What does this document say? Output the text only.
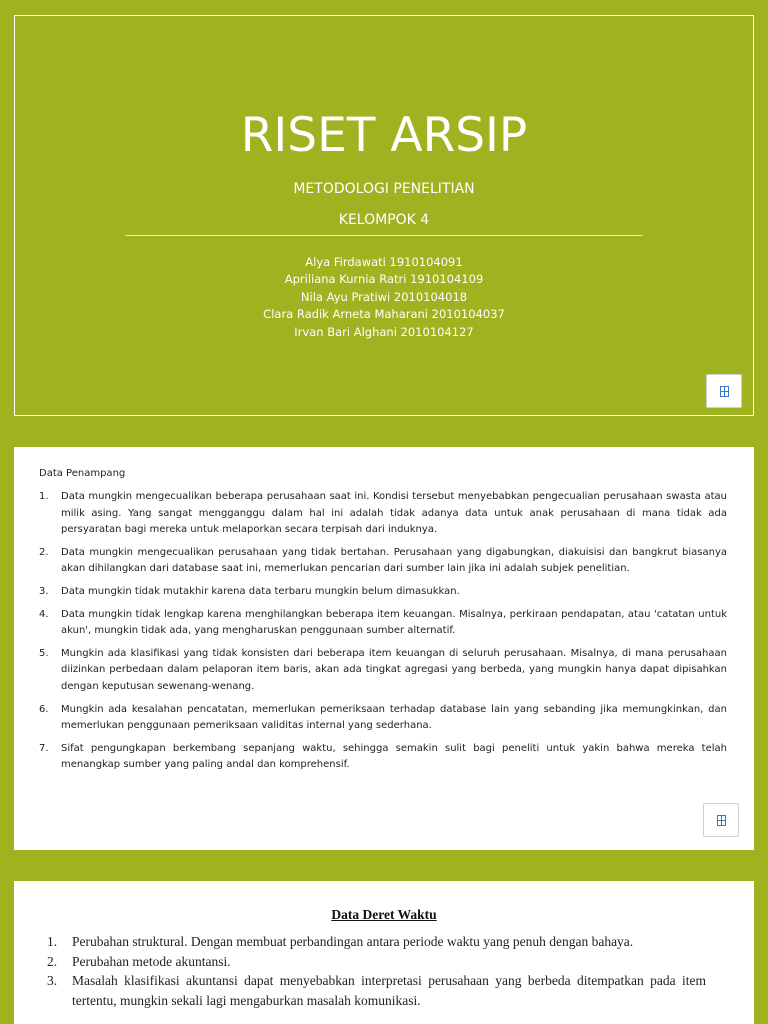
RISET ARSIP
METODOLOGI PENELITIAN
KELOMPOK 4
Alya Firdawati 1910104091
Apriliana Kurnia Ratri 1910104109
Nila Ayu Pratiwi 2010104018
Clara Radik Arneta Maharani 2010104037
Irvan Bari Alghani 2010104127
Data Penampang
1. Data mungkin mengecualikan beberapa perusahaan saat ini. Kondisi tersebut menyebabkan pengecualian perusahaan swasta atau milik asing. Yang sangat mengganggu dalam hal ini adalah tidak adanya data untuk anak perusahaan di mana tidak ada persyaratan bagi mereka untuk melaporkan secara terpisah dari induknya.
2. Data mungkin mengecualikan perusahaan yang tidak bertahan. Perusahaan yang digabungkan, diakuisisi dan bangkrut biasanya akan dihilangkan dari database saat ini, memerlukan pencarian dari sumber lain jika ini adalah subjek penelitian.
3. Data mungkin tidak mutakhir karena data terbaru mungkin belum dimasukkan.
4. Data mungkin tidak lengkap karena menghilangkan beberapa item keuangan. Misalnya, perkiraan pendapatan, atau 'catatan untuk akun', mungkin tidak ada, yang mengharuskan penggunaan sumber alternatif.
5. Mungkin ada klasifikasi yang tidak konsisten dari beberapa item keuangan di seluruh perusahaan. Misalnya, di mana perusahaan diizinkan perbedaan dalam pelaporan item baris, akan ada tingkat agregasi yang berbeda, yang mungkin hanya dapat dipisahkan dengan keputusan sewenang-wenang.
6. Mungkin ada kesalahan pencatatan, memerlukan pemeriksaan terhadap database lain yang sebanding jika memungkinkan, dan memerlukan penggunaan pemeriksaan validitas internal yang sederhana.
7. Sifat pengungkapan berkembang sepanjang waktu, sehingga semakin sulit bagi peneliti untuk yakin bahwa mereka telah menangkap sumber yang paling andal dan komprehensif.
Data Deret Waktu
1. Perubahan struktural. Dengan membuat perbandingan antara periode waktu yang penuh dengan bahaya.
2. Perubahan metode akuntansi.
3. Masalah klasifikasi akuntansi dapat menyebabkan interpretasi perusahaan yang berbeda ditempatkan pada item tertentu, mungkin sekali lagi mengaburkan masalah komunikasi.
